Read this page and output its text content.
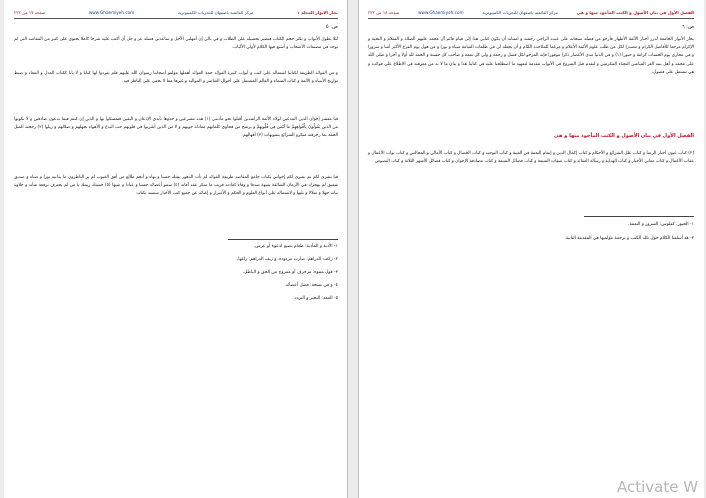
بحار الانوار المجلد ١
مركز القائمية باصفهان للتحريات الكمبيوترية
www.Ghaemiyeh.com
صفحة ١٧ من ٢٢٢
ص: ٥
لئلا يطول الأبواب و يكثر حجم الكتاب فيصير تحصيله على الطلاب و في بالي إن أمهلني الأجل و ساعدني فضله عز و جل أن أكتب عليه شرحا كاملا يحتوي على كثير من المقاصد التي لم توجد في مصنفات الأصحاب و أشبع فيها الكلام لأولي الألباب.
و من الفوائد الطريفة لكتابنا اشتماله على كتب و أبواب كثيرة الفوائد جمة العوائد أهملها مؤلفو أصحابنا رضوان الله عليهم فلم يفردوا لها كتابا و لا بابا ككتاب العدل و المعاد و ضبط تواريخ الأنبياء و الأئمة و كتاب السماء و العالم المشتمل على أحوال العناصر و المواليد و غيرها مما لا يخفى على الناظر فيه.
فيا معشر إخوان الدين المدعين لولاء الأئمة الراشدين أقبلوا نحو مأدبتي (١) هذه مسرعين و خذوها بأيدي الإذعان و اليقين فتمسكوا بها و الذين إن كنتم فيما تدعون صادقين و لا تكونوا من الذين يَقُولُونَ بِأَفْواهِهِمْ ما لَيْسَ فِي قُلُوبِهِمْ و يرشح من فحاوي كلماتهم معاداة جوبهم و لا من الذين أشربوا في قلوبهم حب البدع و الأهواء بجهلهم و ضلالهم و زيلوا (٢) رحجته المثل الحقة بما زخرفته منكرو الشرائع بتمويهات (٣) أقهالهم.
فيا بشرى لكم ثم بشرى لكم إخواني بكتاب جامع المقاصد طريفة الفوائد لم تأت الدهور بمثله حسنا و بهاء و أنجم طالع من أفق الغيوب لم ير الناظرون ما يدانيه نورا و ضياء و صديق شفيق لم يهجرك في الأزمان الشائقة شبهة صدقا و وفاء كعادته قريب ما منكر عقد آفاته (٤) سمو أعضائه حسنا و عتادا و ضيها (٥) حسبك زيبتك يا من لم يحترف برفعة شأنه و حلاوة بيانه جهلا و ضلالا و بليها و لاشتماله على أنواع العلوم و الحكم و الأسرار و إغنائه عن جميع كتب الأخبار سميته بكتاب
١- الأدبة و المأدبة: طعام يصنع لدعوة أو عرس.
٢- زاغت الدراهم: صارت مردودة. و زيف الدراهم: زاغها.
٣- قول مموه: مزخرف أو ممزوج من الحق و الباطل.
٤- و في نسخة: فضل أعضائه.
٥- العمد: التحير و التردد.
الفصل الأول في بيان الأصول و الكتب المأخوذ منها و هي
مركز القائمية باصفهان للتحريات الكمبيوترية
www.Ghaemiyeh.com
صفحة ١٨ من ٢٢٢
ص: ٦
بحار الأنوار الجامعة لدرر أخبار الأئمة الأطهار فأرجو من فضله سبحانه على عبده الراجي رحمته و امتنانه أن يكون كتابي هذا إلى قيام قائم آل محمد عليهم الصلاة و السلام و التحية و الإكرام مرجعا للأفاضل الكرام و مصدرا لكل من طلب علوم الأئمة الأعلام و مرغما للملاحدة اللئام و أن يجعله لي في ظلمات القيامة ضياء و نورا و من هول يوم الفزع الأكبر أمنا و سرورا و في محاري يوم الحساب كرامة و حبورا (١) و في الدنيا مدى الأعصار ذكرا موفورا فإنه المرجو لكل فضل و رحمة و ولي كل نعمة و صاحب كل حسنة و الحمد لله أولا و آخرا و صلى الله على محمد و أهل بيته الغر الميامين النجباء المكرمين و لنقدم قبل الشروع في الأبواب مقدمة لتمهيد ما اصطلحنا عليه في كتابنا هذا و بيان ما لا بد من معرفته في الاطلاع على فوائده و هي تشتمل على فصول.
الفصل الأول في بيان الأصول و الكتب المأخوذ منها و هي
(٢) كتاب عيون أخبار الرضا و كتاب علل الشرائع و الأحكام و كتاب إكمال الدين و إتمام النعمة في الغيبة و كتاب التوحيد و كتاب الخصال و كتاب الأمالي و المجالس و كتاب ثواب الأعمال و عقاب الأعمال و كتاب معاني الأخبار و كتاب الهداية و رسالة العقائد و كتاب صفات الشيعة و كتاب فضائل الشيعة و كتاب مصادقة الإخوان و كتاب فضائل الأشهر الثلاثة و كتاب النصوص
١- الحبور: كفلوس: السرور و النعمة.
٢- قد أسلفنا الكلام حول تلك الكتب و ترجمة مؤلفيها في المقدمة الثانية.
Activate W
